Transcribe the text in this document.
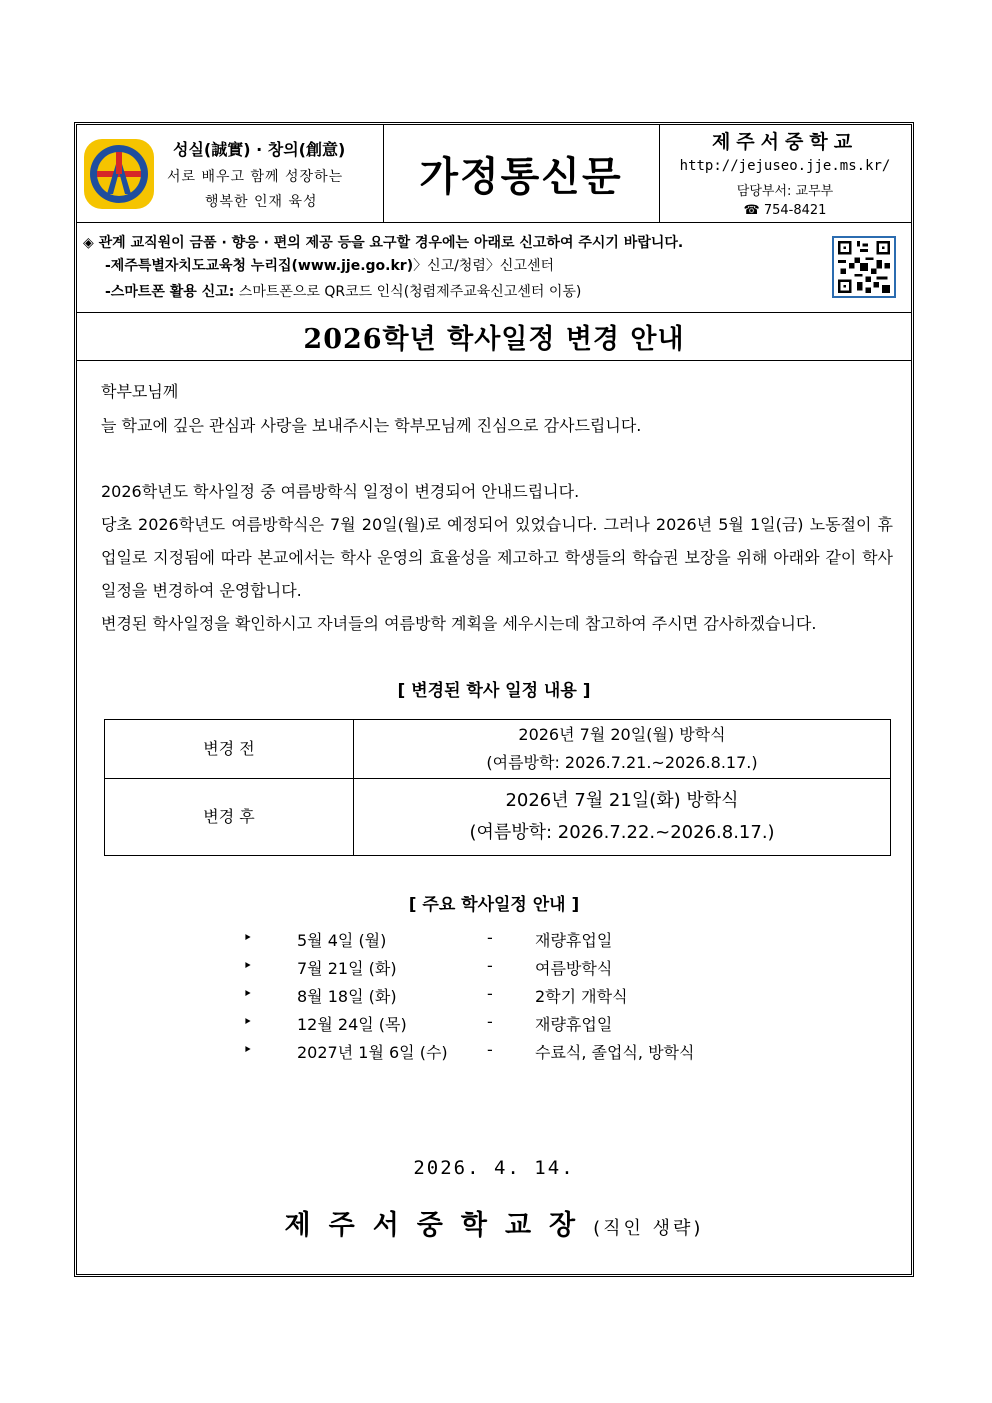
성실(誠實) · 창의(創意)
서로 배우고 함께 성장하는
행복한 인재 육성
가정통신문
제주서중학교
http://jejuseo.jje.ms.kr/
담당부서: 교무부
☎ 754-8421
◈ 관계 교직원이 금품 · 향응 · 편의 제공 등을 요구할 경우에는 아래로 신고하여 주시기 바랍니다.
-제주특별자치도교육청 누리집(www.jje.go.kr)〉신고/청렴〉신고센터
-스마트폰 활용 신고: 스마트폰으로 QR코드 인식(청렴제주교육신고센터 이동)
2026학년 학사일정 변경 안내
학부모님께
늘 학교에 깊은 관심과 사랑을 보내주시는 학부모님께 진심으로 감사드립니다.
2026학년도 학사일정 중 여름방학식 일정이 변경되어 안내드립니다.
당초 2026학년도 여름방학식은 7월 20일(월)로 예정되어 있었습니다. 그러나 2026년 5월 1일(금) 노동절이 휴업일로 지정됨에 따라 본교에서는 학사 운영의 효율성을 제고하고 학생들의 학습권 보장을 위해 아래와 같이 학사 일정을 변경하여 운영합니다.
변경된 학사일정을 확인하시고 자녀들의 여름방학 계획을 세우시는데 참고하여 주시면 감사하겠습니다.
[ 변경된 학사 일정 내용 ]
변경 전	2026년 7월 20일(월) 방학식
(여름방학: 2026.7.21.~2026.8.17.)

변경 후	2026년 7월 21일(화) 방학식
(여름방학: 2026.7.22.~2026.8.17.)
[ 주요 학사일정 안내 ]
‣	5월 4일 (월)	-	재량휴업일
‣	7월 21일 (화)	-	여름방학식
‣	8월 18일 (화)	-	2학기 개학식
‣	12월 24일 (목)	-	재량휴업일
‣	2027년 1월 6일 (수) -	수료식, 졸업식, 방학식
2026. 4. 14.
제주서중학교장(직인 생략)
